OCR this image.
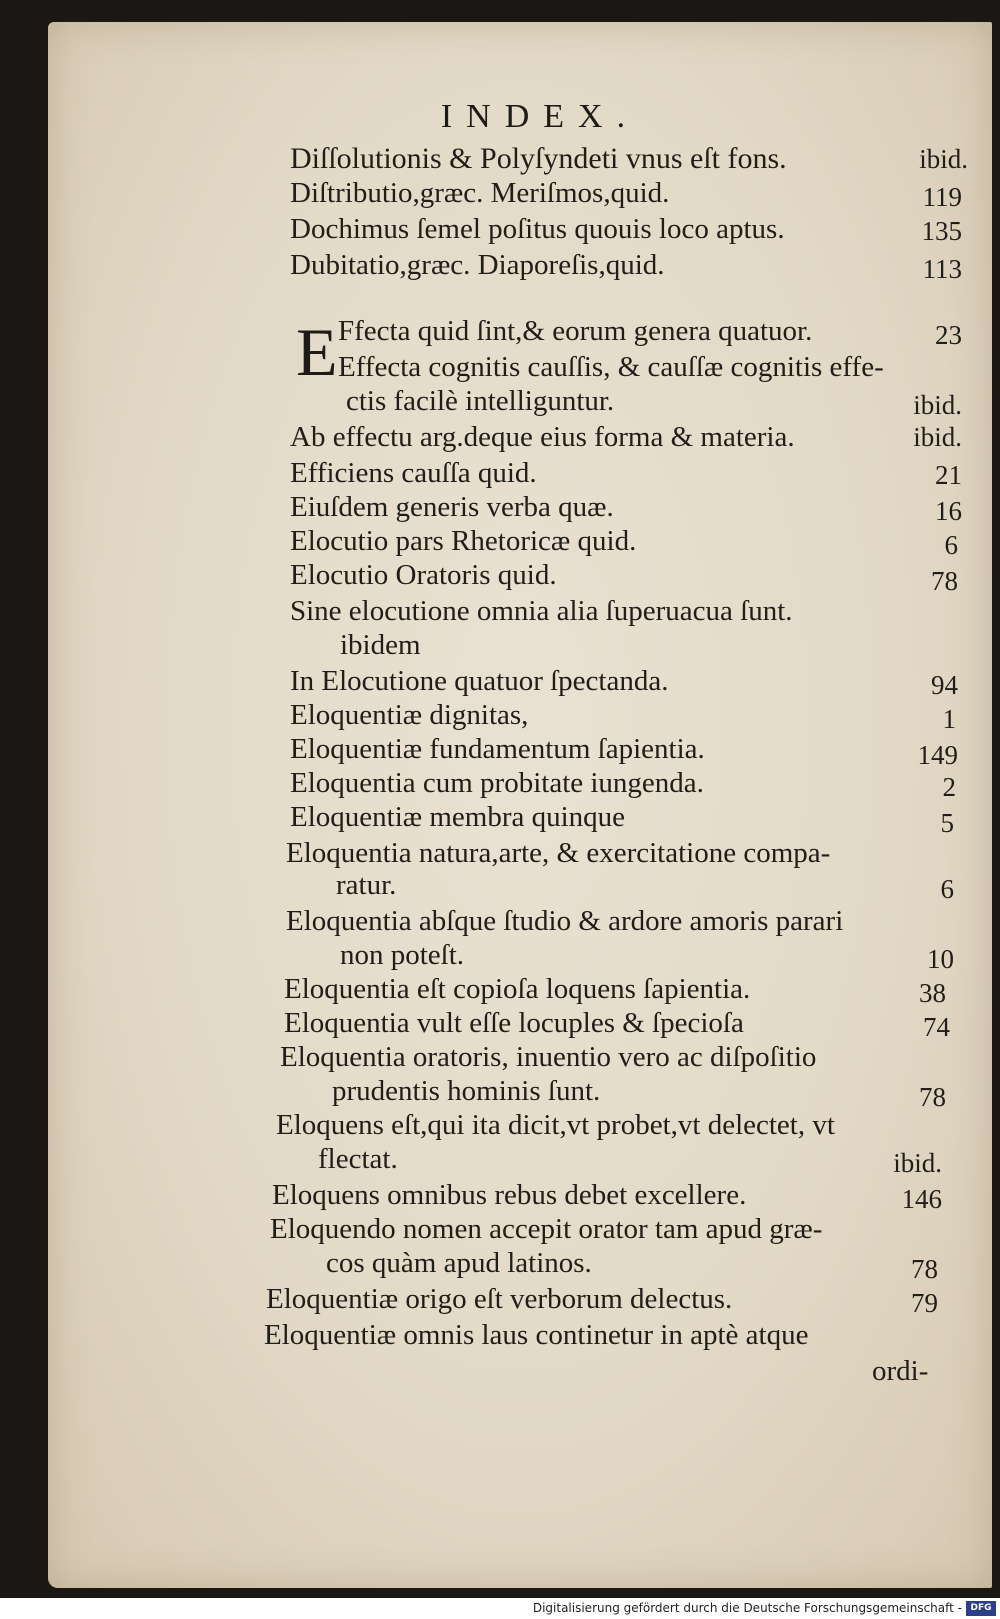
INDEX.
E
Diſſolutionis & Polyſyndeti vnus eſt fons.	ibid.
Diſtributio,græc. Meriſmos,quid.	119
Dochimus ſemel poſitus quouis loco aptus.	135
Dubitatio,græc. Diaporeſis,quid.	113
Ffecta quid ſint,& eorum genera quatuor.	23
Effecta cognitis cauſſis, & cauſſæ cognitis effe-
ctis facilè intelliguntur.	ibid.
Ab effectu arg.deque eius forma & materia.	ibid.
Efficiens cauſſa quid.	21
Eiuſdem generis verba quæ.	16
Elocutio pars Rhetoricæ quid.	6
Elocutio Oratoris quid.	78
Sine elocutione omnia alia ſuperuacua ſunt.
ibidem
In Elocutione quatuor ſpectanda.	94
Eloquentiæ dignitas,	1
Eloquentiæ fundamentum ſapientia.	149
Eloquentia cum probitate iungenda.	2
Eloquentiæ membra quinque	5
Eloquentia natura,arte, & exercitatione compa-
ratur.	6
Eloquentia abſque ſtudio & ardore amoris parari
non poteſt.	10
Eloquentia eſt copioſa loquens ſapientia.	38
Eloquentia vult eſſe locuples & ſpecioſa	74
Eloquentia oratoris, inuentio vero ac diſpoſitio
prudentis hominis ſunt.	78
Eloquens eſt,qui ita dicit,vt probet,vt delectet, vt
flectat.	ibid.
Eloquens omnibus rebus debet excellere.	146
Eloquendo nomen accepit orator tam apud græ-
cos quàm apud latinos.	78
Eloquentiæ origo eſt verborum delectus.	79
Eloquentiæ omnis laus continetur in aptè atque
ordi-
Digitalisierung gefördert durch die Deutsche Forschungsgemeinschaft - DFG
